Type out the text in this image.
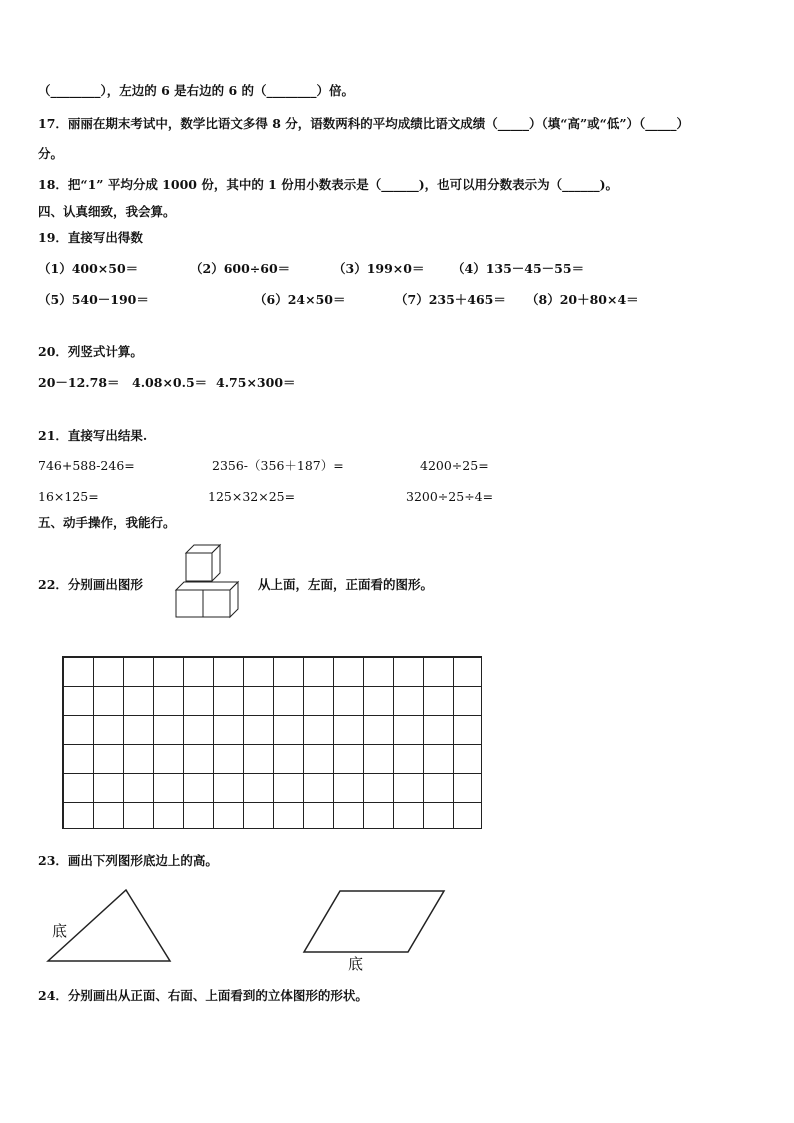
（________），左边的 6 是右边的 6 的（________）倍。
17．丽丽在期末考试中，数学比语文多得 8 分，语数两科的平均成绩比语文成绩（_____）（填“高”或“低”）（_____）
分。
18．把“1” 平均分成 1000 份，其中的 1 份用小数表示是（______)，也可以用分数表示为（______)。
四、认真细致，我会算。
19．直接写出得数
（1）400×50＝	（2）600÷60＝	（3）199×0＝ （4）135－45－55＝
（5）540－190＝	（6）24×50＝	（7）235＋465＝ （8）20＋80×4＝
20．列竖式计算。
20－12.78＝ 4.08×0.5＝ 4.75×300＝
21．直接写出结果.
746+588-246=	2356-（356＋187）=	4200÷25=
16×125=	125×32×25=	3200÷25÷4=
五、动手操作，我能行。
22．分别画出图形	从上面，左面，正面看的图形。
23．画出下列图形底边上的高。
底
底
24．分别画出从正面、右面、上面看到的立体图形的形状。
